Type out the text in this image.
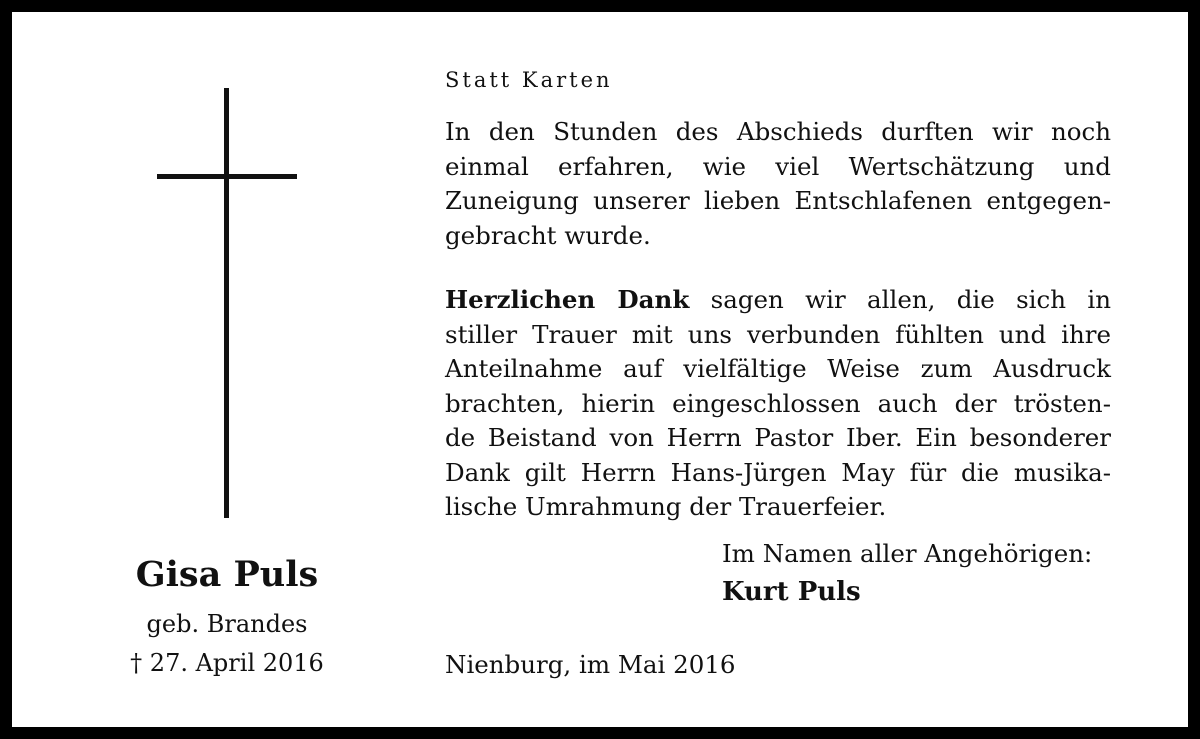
Gisa Puls
geb. Brandes
† 27. April 2016
Statt Karten
In den Stunden des Abschieds durften wir noch
einmal erfahren, wie viel Wertschätzung und
Zuneigung unserer lieben Entschlafenen entgegen-
gebracht wurde.
Herzlichen Dank sagen wir allen, die sich in
stiller Trauer mit uns verbunden fühlten und ihre
Anteilnahme auf vielfältige Weise zum Ausdruck
brachten, hierin eingeschlossen auch der trösten-
de Beistand von Herrn Pastor Iber. Ein besonderer
Dank gilt Herrn Hans-Jürgen May für die musika-
lische Umrahmung der Trauerfeier.
Im Namen aller Angehörigen:
Kurt Puls
Nienburg, im Mai 2016
